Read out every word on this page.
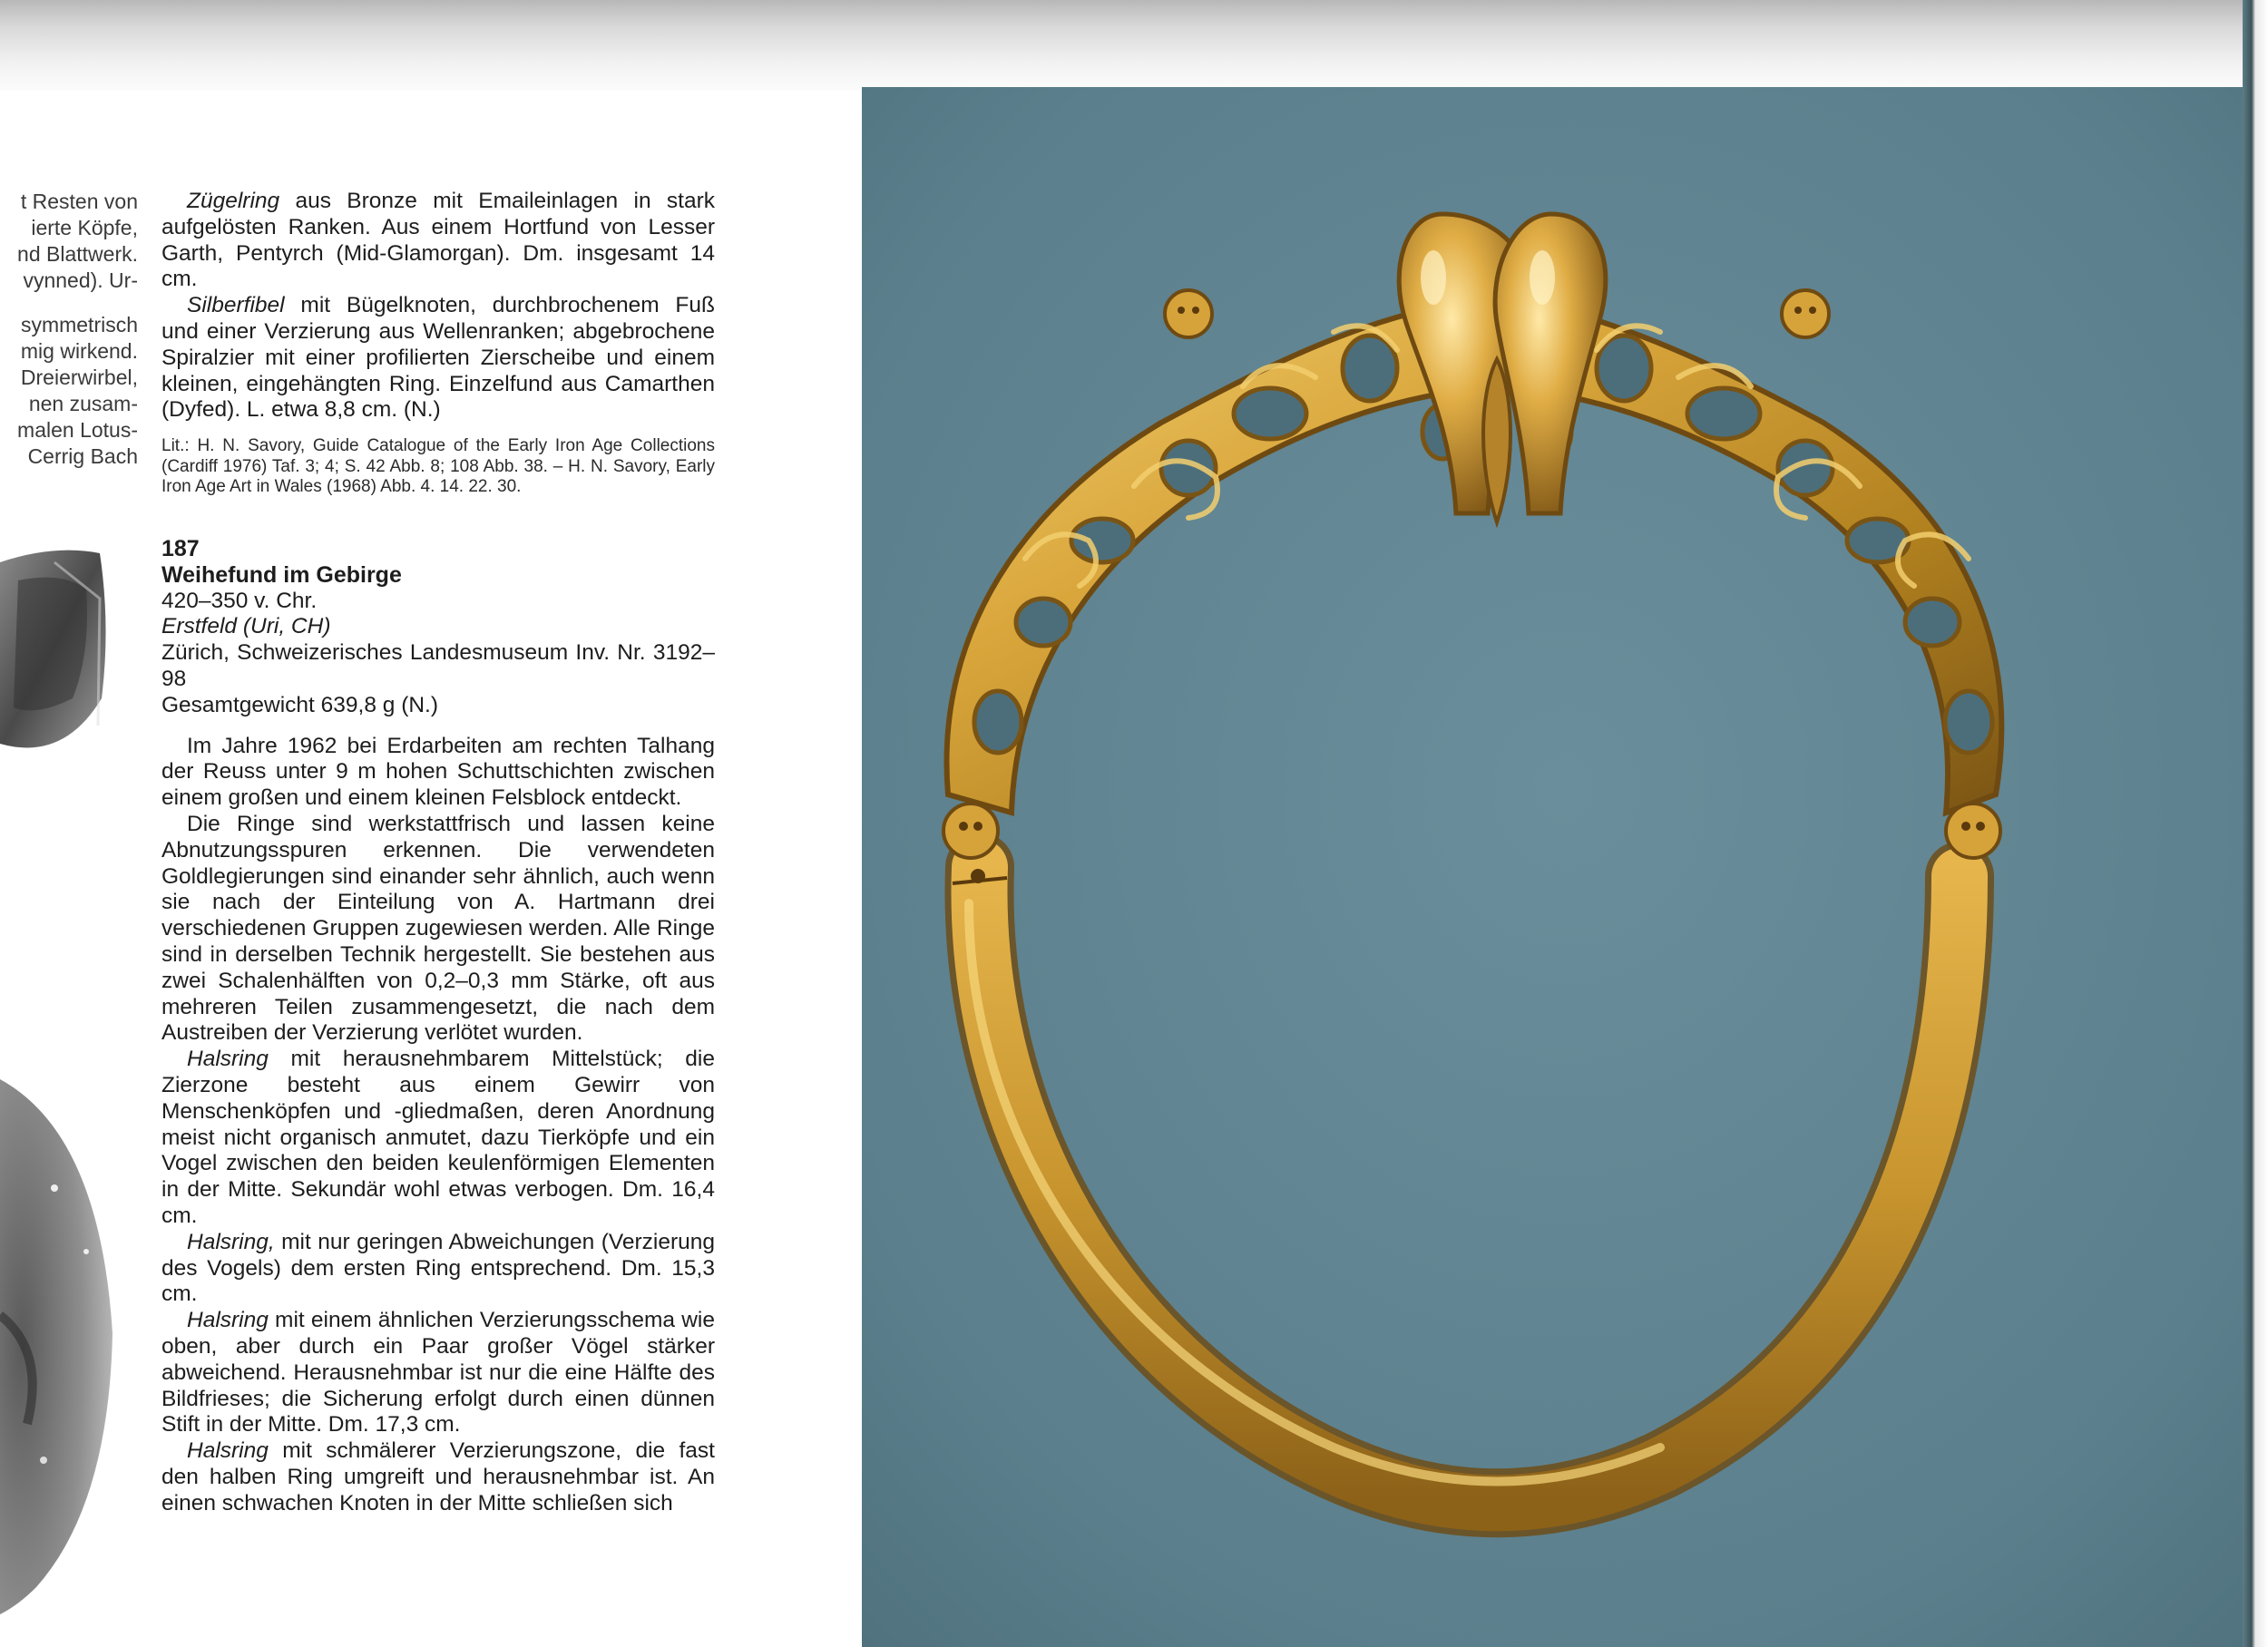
t Resten von
ierte Köpfe,
nd Blattwerk.
vynned). Ur-
symmetrisch
mig wirkend.
Dreierwirbel,
nen zusam-
malen Lotus-
Cerrig Bach

Zügelring aus Bronze mit Emaileinlagen in stark aufgelösten Ranken. Aus einem Hortfund von Lesser Garth, Pentyrch (Mid-Glamorgan). Dm. insgesamt 14 cm.

Silberfibel mit Bügelknoten, durchbrochenem Fuß und einer Verzierung aus Wellenranken; abgebrochene Spiralzier mit einer profilierten Zierscheibe und einem kleinen, eingehängten Ring. Einzelfund aus Camarthen (Dyfed). L. etwa 8,8 cm. (N.)

Lit.: H. N. Savory, Guide Catalogue of the Early Iron Age Collections (Cardiff 1976) Taf. 3; 4; S. 42 Abb. 8; 108 Abb. 38. – H. N. Savory, Early Iron Age Art in Wales (1968) Abb. 4. 14. 22. 30.

187
Weihefund im Gebirge
420–350 v. Chr.
Erstfeld (Uri, CH)
Zürich, Schweizerisches Landesmuseum Inv. Nr. 3192–98
Gesamtgewicht 639,8 g (N.)

Im Jahre 1962 bei Erdarbeiten am rechten Talhang der Reuss unter 9 m hohen Schuttschichten zwischen einem großen und einem kleinen Felsblock entdeckt.

Die Ringe sind werkstattfrisch und lassen keine Abnutzungsspuren erkennen. Die verwendeten Goldlegierungen sind einander sehr ähnlich, auch wenn sie nach der Einteilung von A. Hartmann drei verschiedenen Gruppen zugewiesen werden. Alle Ringe sind in derselben Technik hergestellt. Sie bestehen aus zwei Schalenhälften von 0,2–0,3 mm Stärke, oft aus mehreren Teilen zusammengesetzt, die nach dem Austreiben der Verzierung verlötet wurden.

Halsring mit herausnehmbarem Mittelstück; die Zierzone besteht aus einem Gewirr von Menschenköpfen und -gliedmaßen, deren Anordnung meist nicht organisch anmutet, dazu Tierköpfe und ein Vogel zwischen den beiden keulenförmigen Elementen in der Mitte. Sekundär wohl etwas verbogen. Dm. 16,4 cm.

Halsring, mit nur geringen Abweichungen (Verzierung des Vogels) dem ersten Ring entsprechend. Dm. 15,3 cm.

Halsring mit einem ähnlichen Verzierungsschema wie oben, aber durch ein Paar großer Vögel stärker abweichend. Herausnehmbar ist nur die eine Hälfte des Bildfrieses; die Sicherung erfolgt durch einen dünnen Stift in der Mitte. Dm. 17,3 cm.

Halsring mit schmälerer Verzierungszone, die fast den halben Ring umgreift und herausnehmbar ist. An einen schwachen Knoten in der Mitte schließen sich
